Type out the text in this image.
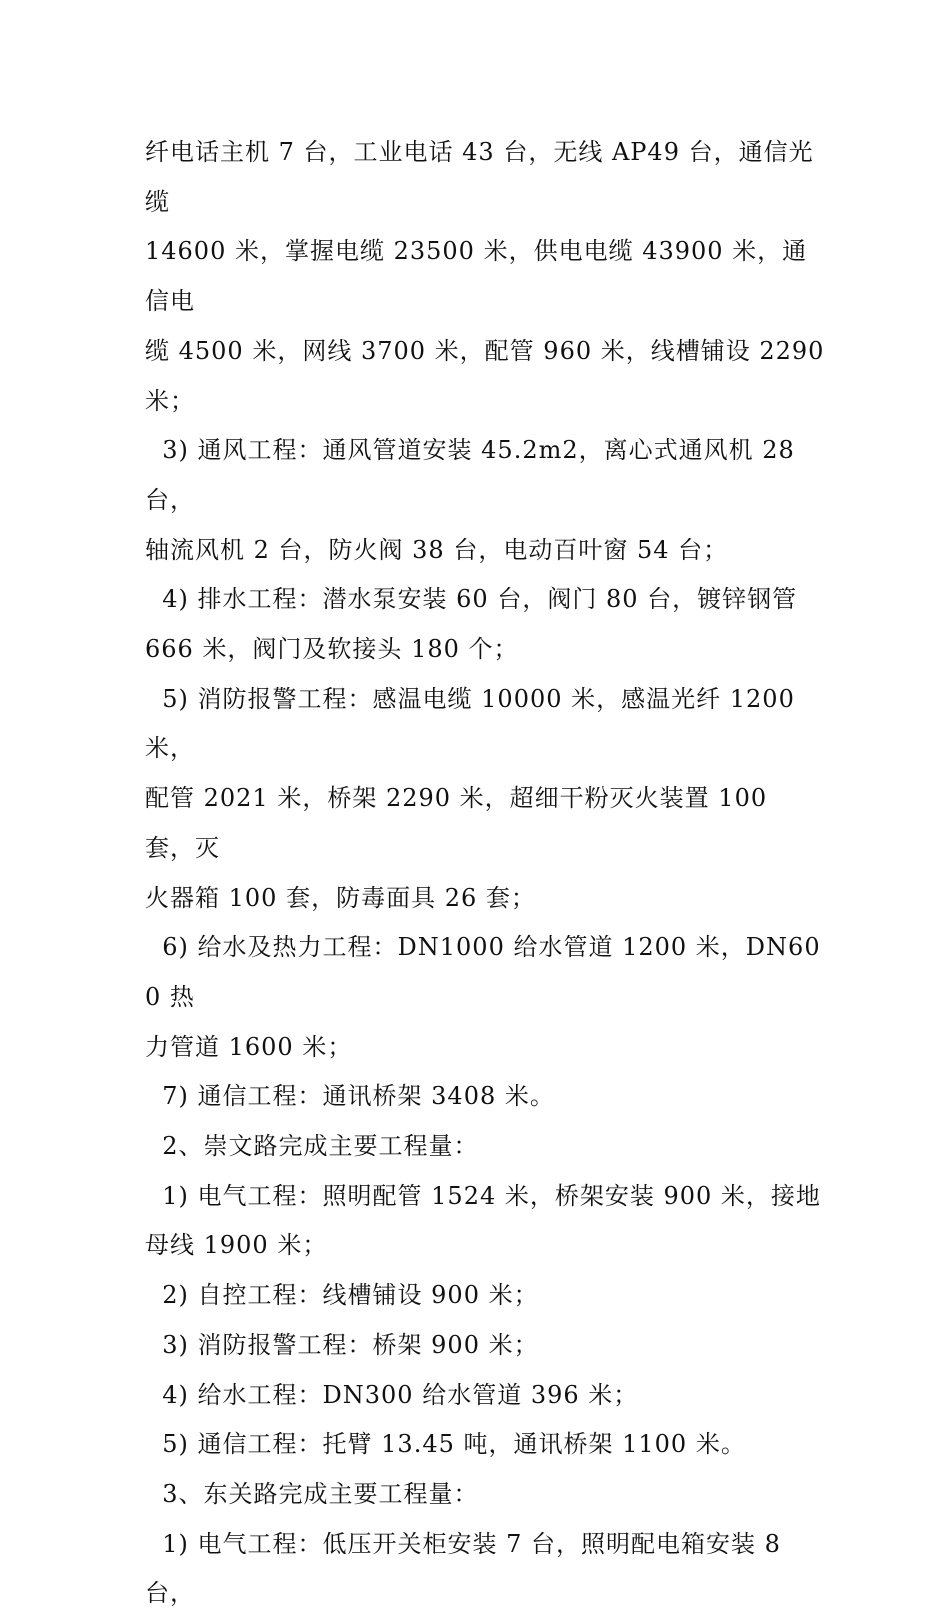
纤电话主机 7 台，工业电话 43 台，无线 AP49 台，通信光缆

14600 米，掌握电缆 23500 米，供电电缆 43900 米，通信电

缆 4500 米，网线 3700 米，配管 960 米，线槽铺设 2290 米；

3) 通风工程：通风管道安装 45.2m2，离心式通风机 28 台，

轴流风机 2 台，防火阀 38 台，电动百叶窗 54 台；

4) 排水工程：潜水泵安装 60 台，阀门 80 台，镀锌钢管

666 米，阀门及软接头 180 个；

5) 消防报警工程：感温电缆 10000 米，感温光纤 1200 米，

配管 2021 米，桥架 2290 米，超细干粉灭火装置 100 套，灭

火器箱 100 套，防毒面具 26 套；

6) 给水及热力工程：DN1000 给水管道 1200 米，DN600 热

力管道 1600 米；

7) 通信工程：通讯桥架 3408 米。

2、崇文路完成主要工程量：

1) 电气工程：照明配管 1524 米，桥架安装 900 米，接地

母线 1900 米；

2) 自控工程：线槽铺设 900 米；

3) 消防报警工程：桥架 900 米；

4) 给水工程：DN300 给水管道 396 米；

5) 通信工程：托臂 13.45 吨，通讯桥架 1100 米。

3、东关路完成主要工程量：

1) 电气工程：低压开关柜安装 7 台，照明配电箱安装 8 台，
